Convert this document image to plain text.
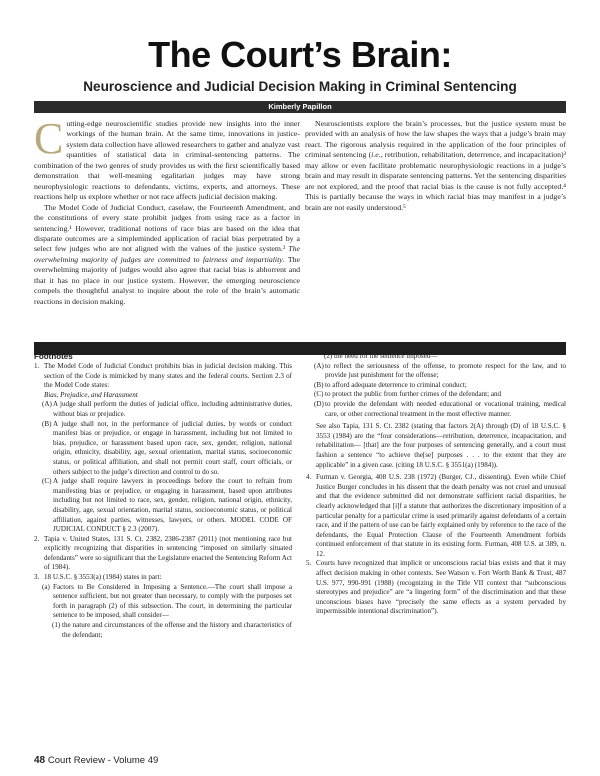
The Court’s Brain:
Neuroscience and Judicial Decision Making in Criminal Sentencing
Kimberly Papillon

Cutting-edge neuroscientific studies provide new insights into the inner workings of the human brain. At the same time, innovations in justice-system data collection have allowed researchers to gather and analyze vast quantities of statistical data in criminal-sentencing patterns. The combination of the two genres of study provides us with the first scientifically based demonstration that well-meaning egalitarian judges may have strong neurophysiologic reactions to defendants, victims, experts, and attorneys. These reactions help us explore whether or not race affects judicial decision making.

The Model Code of Judicial Conduct, caselaw, the Fourteenth Amendment, and the constitutions of every state prohibit judges from using race as a factor in sentencing.¹ However, traditional notions of race bias are based on the idea that disparate outcomes are a simpleminded application of racial bias perpetrated by a select few judges who are not aligned with the values of the justice system.² The overwhelming majority of judges are committed to fairness and impartiality. The overwhelming majority of judges would also agree that racial bias is abhorrent and that it has no place in our justice system. However, the emerging neuroscience compels the thoughtful analyst to inquire about the role of the brain’s automatic reactions in decision making.

Footnotes

1. The Model Code of Judicial Conduct prohibits bias in judicial decision making. This section of the Code is mimicked by many states and the federal courts. Section 2.3 of the Model Code states:

Bias, Prejudice, and Harassment

(A) A judge shall perform the duties of judicial office, including administrative duties, without bias or prejudice.

(B) A judge shall not, in the performance of judicial duties, by words or conduct manifest bias or prejudice, or engage in harassment, including but not limited to bias, prejudice, or harassment based upon race, sex, gender, religion, national origin, ethnicity, disability, age, sexual orientation, marital status, socioeconomic status, or political affiliation, and shall not permit court staff, court officials, or others subject to the judge’s direction and control to do so.

(C) A judge shall require lawyers in proceedings before the court to refrain from manifesting bias or prejudice, or engaging in harassment, based upon attributes including but not limited to race, sex, gender, religion, national origin, ethnicity, disability, age, sexual orientation, marital status, socioeconomic status, or political affiliation, against parties, witnesses, lawyers, or others. MODEL CODE OF JUDICIAL CONDUCT § 2.3 (2007).

2. Tapia v. United States, 131 S. Ct. 2382, 2386-2387 (2011) (not mentioning race but explicitly recognizing that disparities in sentencing “imposed on similarly situated defendants” were so significant that the Legislature enacted the Sentencing Reform Act of 1984).

3. 18 U.S.C. § 3553(a) (1984) states in part:

(a) Factors to Be Considered in Imposing a Sentence.—The court shall impose a sentence sufficient, but not greater than necessary, to comply with the purposes set forth in paragraph (2) of this subsection. The court, in determining the particular sentence to be imposed, shall consider—

(1) the nature and circumstances of the offense and the history and characteristics of the defendant;

(2) the need for the sentence imposed—

(A) to reflect the seriousness of the offense, to promote respect for the law, and to provide just punishment for the offense;

(B) to afford adequate deterrence to criminal conduct;

(C) to protect the public from further crimes of the defendant; and

(D) to provide the defendant with needed educational or vocational training, medical care, or other correctional treatment in the most effective manner.

See also Tapia, 131 S. Ct. 2382 (stating that factors 2(A) through (D) of 18 U.S.C. § 3553 (1984) are the “four considerations—retribution, deterrence, incapacitation, and rehabilitation— [that] are the four purposes of sentencing generally, and a court must fashion a sentence “to achieve the[se] purposes . . . to the extent that they are applicable” in a given case. (citing 18 U.S.C. § 3551(a) (1984)).

4. Furman v. Georgia, 408 U.S. 238 (1972) (Burger, CJ., dissenting). Even while Chief Justice Burger concludes in his dissent that the death penalty was not cruel and unusual and that the evidence submitted did not demonstrate sufficient racial disparities, he clearly acknowledged that [i]f a statute that authorizes the discretionary imposition of a particular penalty for a particular crime is used primarily against defendants of a certain race, and if the pattern of use can be fairly explained only by reference to the race of the defendants, the Equal Protection Clause of the Fourteenth Amendment forbids continued enforcement of that statute in its existing form. Furman, 408 U.S. at 389, n. 12.

5. Courts have recognized that implicit or unconscious racial bias exists and that it may affect decision making in other contexts. See Watson v. Fort Worth Bank & Trust, 487 U.S. 977, 990-991 (1988) (recognizing in the Title VII context that “subconscious stereotypes and prejudice” are “a lingering form” of the discrimination and that these unconscious biases have “precisely the same effects as a system pervaded by impermissible intentional discrimination”).

48 Court Review - Volume 49

Neuroscientists explore the brain’s processes, but the justice system must be provided with an analysis of how the law shapes the ways that a judge’s brain may react. The rigorous analysis required in the application of the four principles of criminal sentencing (i.e., retribution, rehabilitation, deterrence, and incapacitation)³ may allow or even facilitate problematic neurophysiologic reactions in a judge’s brain and may result in disparate sentencing patterns. Yet the sentencing disparities are not explored, and the proof that racial bias is the cause is not fully accepted.⁴ This is partially because the ways in which racial bias may manifest in a judge’s brain are not easily understood.⁵
